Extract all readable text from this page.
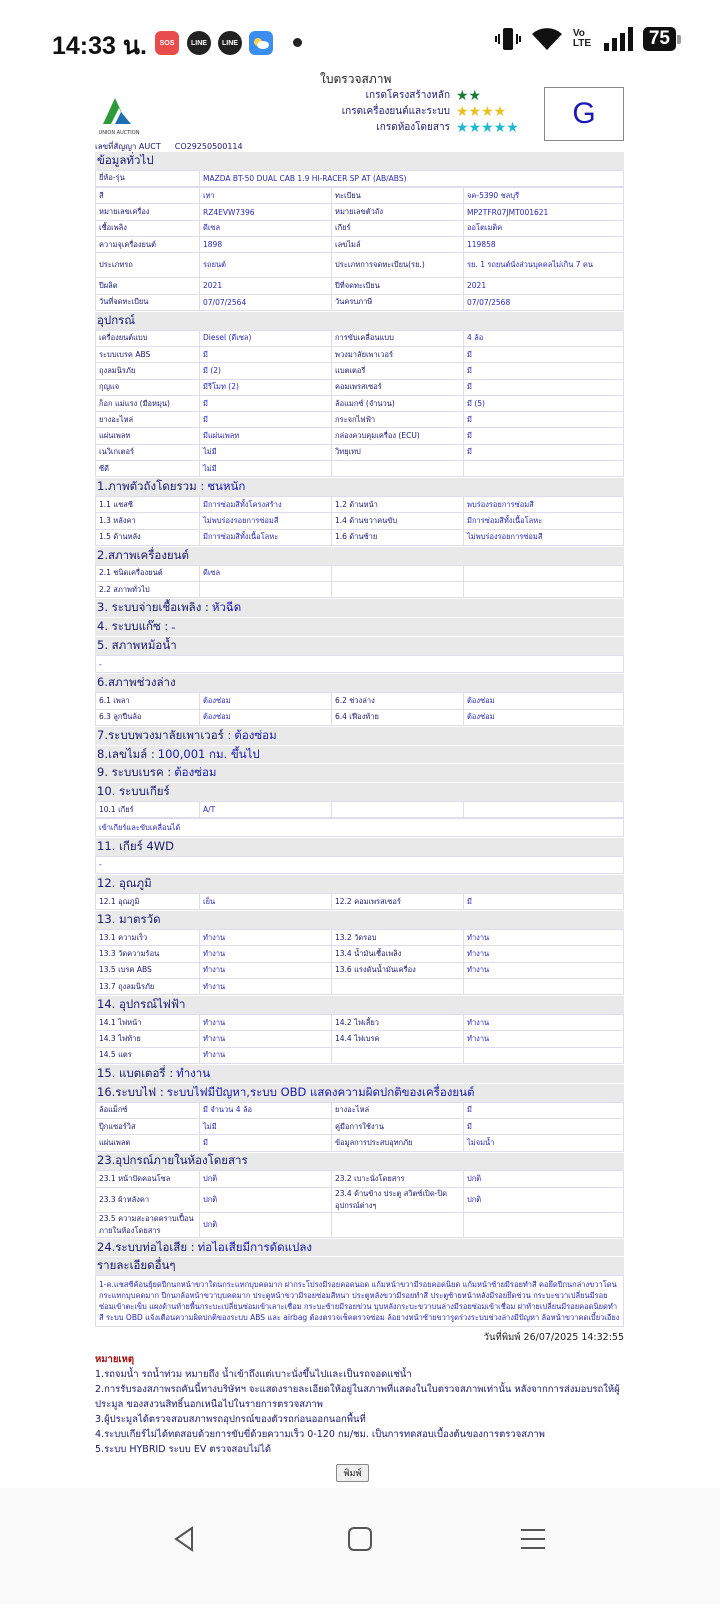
14:33 น.	SOS	LINE	LINE
Vo LTE	75
ใบตรวจสภาพ
UNION AUCTION
เกรดโครงสร้างหลัก ★★
เกรดเครื่องยนต์และระบบ ★★★★
เกรดห้องโดยสาร ★★★★★	G
เลขที่สัญญา AUCT CO29250500114
ข้อมูลทั่วไป
ยี่ห้อ-รุ่น	MAZDA BT-50 DUAL CAB 1.9 HI-RACER SP AT (AB/ABS)
สี	เทา	ทะเบียน	จค-5390 ชลบุรี
หมายเลขเครื่อง	RZ4EVW7396	หมายเลขตัวถัง	MP2TFR07JMT001621
เชื้อเพลิง	ดีเซล	เกียร์	ออโตเมติค
ความจุเครื่องยนต์	1898	เลขไมล์	119858
ประเภทรถ	รถยนต์	ประเภทการจดทะเบียน(รย.)	รย. 1 รถยนต์นั่งส่วนบุคคลไม่เกิน 7 คน
ปีผลิต	2021	ปีที่จดทะเบียน	2021
วันที่จดทะเบียน	07/07/2564	วันครบภาษี	07/07/2568
อุปกรณ์
เครื่องยนต์แบบ	Diesel (ดีเซล)	การขับเคลื่อนแบบ	4 ล้อ
ระบบเบรค ABS	มี	พวงมาลัยเพาเวอร์	มี
ถุงลมนิรภัย	มี (2)	แบตเตอรี่	มี
กุญแจ	มีรีโมท (2)	คอมเพรสเซอร์	มี
ก็อก แม่แรง (มือหมุน)	มี	ล้อแมกซ์ (จำนวน)	มี (5)
ยางอะไหล่	มี	กระจกไฟฟ้า	มี
แผ่นเพลท	มีแผ่นเพลท	กล่องควบคุมเครื่อง (ECU)	มี
เนวิเกเตอร์	ไม่มี	วิทยุเทป	มี
ซีดี	ไม่มี		
1.ภาพตัวถังโดยรวม : ชนหนัก
1.1 แชสซี	มีการซ่อมสีทั้งโครงสร้าง	1.2 ด้านหน้า	พบร่องรอยการซ่อมสี
1.3 หลังคา	ไม่พบร่องรอยการซ่อมสี	1.4 ด้านขวาคนขับ	มีการซ่อมสีทั้งเนื้อโลหะ
1.5 ด้านหลัง	มีการซ่อมสีทั้งเนื้อโลหะ	1.6 ด้านซ้าย	ไม่พบร่องรอยการซ่อมสี
2.สภาพเครื่องยนต์
2.1 ชนิดเครื่องยนต์	ดีเซล		
2.2 สภาพทั่วไป			
3. ระบบจ่ายเชื้อเพลิง : หัวฉีด
4. ระบบแก๊ซ : -
5. สภาพหม้อน้ำ
-
6.สภาพช่วงล่าง
6.1 เพลา	ต้องซ่อม	6.2 ช่วงล่าง	ต้องซ่อม
6.3 ลูกปืนล้อ	ต้องซ่อม	6.4 เฟืองท้าย	ต้องซ่อม
7.ระบบพวงมาลัยเพาเวอร์ : ต้องซ่อม
8.เลขไมล์ : 100,001 กม. ขึ้นไป
9. ระบบเบรค : ต้องซ่อม
10. ระบบเกียร์
10.1 เกียร์	A/T		
เข้าเกียร์และขับเคลื่อนได้
11. เกียร์ 4WD
-
12. อุณภูมิ
12.1 อุณภูมิ	เย็น	12.2 คอมเพรสเซอร์	มี
13. มาตรวัด
13.1 ความเร็ว	ทำงาน	13.2 วัดรอบ	ทำงาน
13.3 วัดความร้อน	ทำงาน	13.4 น้ำมันเชื้อเพลิง	ทำงาน
13.5 เบรค ABS	ทำงาน	13.6 แรงดันน้ำมันเครื่อง	ทำงาน
13.7 ถุงลมนิรภัย	ทำงาน		
14. อุปกรณ์ไฟฟ้า
14.1 ไฟหน้า	ทำงาน	14.2 ไฟเลี้ยว	ทำงาน
14.3 ไฟท้าย	ทำงาน	14.4 ไฟเบรค	ทำงาน
14.5 แตร	ทำงาน		
15. แบตเตอรี่ : ทำงาน
16.ระบบไฟ : ระบบไฟมีปัญหา,ระบบ OBD แสดงความผิดปกติของเครื่องยนต์
ล้อแม็กซ์	มี จำนวน 4 ล้อ	ยางอะไหล่	มี
ปุ๊กแซอร์วิส	ไม่มี	คู่มือการใช้งาน	มี
แผ่นเพลต	มี	ข้อมูลการประสบอุทกภัย	ไม่จมน้ำ
23.อุปกรณ์ภายในห้องโดยสาร
23.1 หน้าปัดคอนโซล	ปกติ	23.2 เบาะนั่งโดยสาร	ปกติ
23.3 ผ้าหลังคา	ปกติ	23.4 ด้านข้าง ประตู สวิตซ์เปิด-ปิด อุปกรณ์ต่างๆ	ปกติ
23.5 ความสะอาดคราบเปื้อน ภายในห้องโดยสาร	ปกติ		
24.ระบบท่อไอเสีย : ท่อไอเสียมีการดัดแปลง
รายละเอียดอื่นๆ
1-ค.แชสซีค้อนยุ้ยดปีกนกหน้าขวาใดนกระแทกบุบคดมาก ฝากระโปรงมีรอยคอดนอด แก้มหน้าขวามีรอยคอดนิยด แก้มหน้าซ้ายมีรอยทำสี คอยึดปีกนกล่างขวาโดนกระแทกบุบคดมาก ปีกนกล้อหน้าขวาบุบคดมาก ประตูหน้าขวามีรอยซ่อมสีหนา ประตูหลังขวามีรอยทำสี ประตูซ้ายหน้าหลังมีรอยยึดช่วน กระบะขวาเปลี่ยนมีรอยซ่อมเข้าตะเข็บ แผงด้านท้ายพื้นกระบะเปลี่ยนซ่อมเข้าเลาะเชื่อม กระบะซ้ายมีรอยข่วน บุบหลังกระบะขวาบนล่างมีรอยซ่อมเข้าเชื่อม ฝาท้ายเปลี่ยนมีรอยคอดนิยดทำสี ระบบ OBD แจ้งเตือนความผิดปกติของระบบ ABS และ airbag ต้องตรวจเช็คตรวจซ่อม ล้อยางหน้าซ้ายขวารูดร่วงระบบช่วงล่างมีปัญหา ล้อหน้าขวาคดเบี้ยวเอียง
วันที่พิมพ์ 26/07/2025 14:32:55
หมายเหตุ
1.รถจมน้ำ รถน้ำท่วม หมายถึง น้ำเข้าถึงแต่เบาะนั่งขึ้นไปและเป็นรถจอดแช่น้ำ
2.การรับรองสภาพรถคันนี้ทางบริษัทฯ จะแสดงรายละเอียดให้อยู่ในสภาพที่แสดงในใบตรวจสภาพเท่านั้น หลังจากการส่งมอบรถให้ผู้ประมูล ของสงวนสิทธิ์นอกเหนือไปในรายการตรวจสภาพ
3.ผู้ประมูลได้ตรวจสอบสภาพรถอุปกรณ์ของตัวรถก่อนออกนอกพื้นที่
4.ระบบเกียร์ไม่ได้ทดสอบด้วยการขับขี่ด้วยความเร็ว 0-120 กม/ชม. เป็นการทดสอบเบื้องต้นของการตรวจสภาพ
5.ระบบ HYBRID ระบบ EV ตรวจสอบไม่ได้
พิมพ์
